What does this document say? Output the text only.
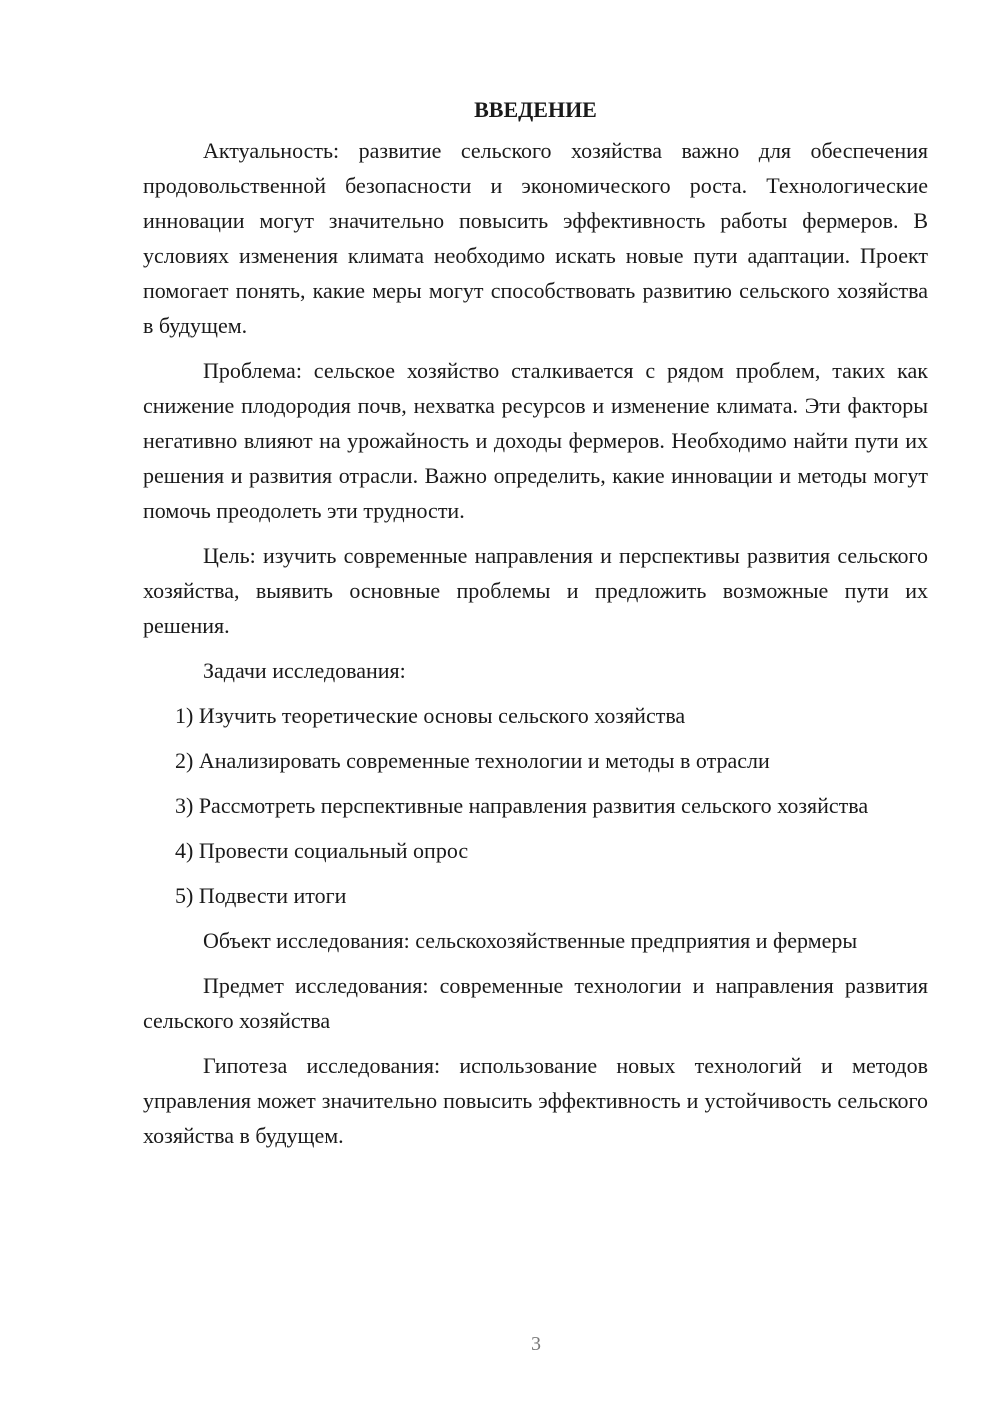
ВВЕДЕНИЕ

Актуальность: развитие сельского хозяйства важно для обеспечения продовольственной безопасности и экономического роста. Технологические инновации могут значительно повысить эффективность работы фермеров. В условиях изменения климата необходимо искать новые пути адаптации. Проект помогает понять, какие меры могут способствовать развитию сельского хозяйства в будущем.

Проблема: сельское хозяйство сталкивается с рядом проблем, таких как снижение плодородия почв, нехватка ресурсов и изменение климата. Эти факторы негативно влияют на урожайность и доходы фермеров. Необходимо найти пути их решения и развития отрасли. Важно определить, какие инновации и методы могут помочь преодолеть эти трудности.

Цель: изучить современные направления и перспективы развития сельского хозяйства, выявить основные проблемы и предложить возможные пути их решения.

Задачи исследования:

1) Изучить теоретические основы сельского хозяйства

2) Анализировать современные технологии и методы в отрасли

3) Рассмотреть перспективные направления развития сельского хозяйства

4) Провести социальный опрос

5) Подвести итоги

Объект исследования: сельскохозяйственные предприятия и фермеры

Предмет исследования: современные технологии и направления развития сельского хозяйства

Гипотеза исследования: использование новых технологий и методов управления может значительно повысить эффективность и устойчивость сельского хозяйства в будущем.

3
